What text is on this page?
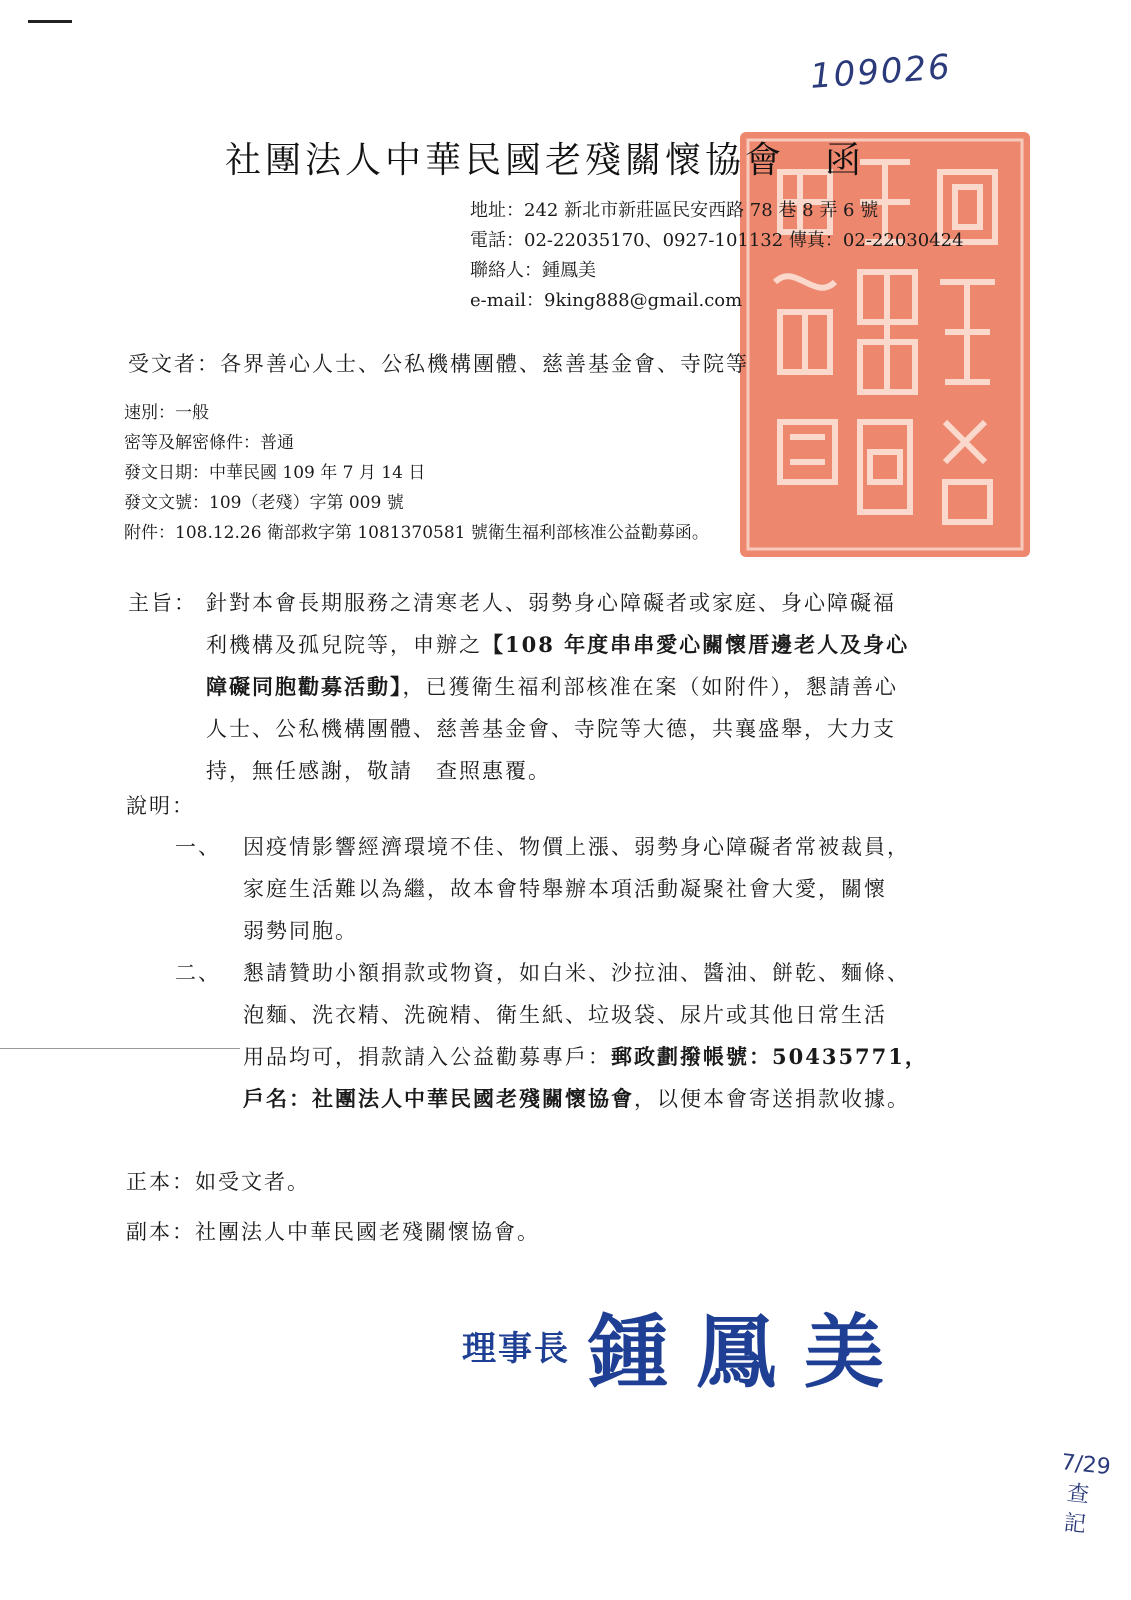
109026
社團法人中華民國老殘關懷協會 函
地址：242 新北市新莊區民安西路 78 巷 8 弄 6 號
電話：02-22035170、0927-101132 傳真：02-22030424
聯絡人：鍾鳳美
e-mail：9king888@gmail.com
受文者：各界善心人士、公私機構團體、慈善基金會、寺院等
速別：一般
密等及解密條件：普通
發文日期：中華民國 109 年 7 月 14 日
發文文號：109（老殘）字第 009 號
附件：108.12.26 衛部救字第 1081370581 號衛生福利部核准公益勸募函。
主旨： 針對本會長期服務之清寒老人、弱勢身心障礙者或家庭、身心障礙福
利機構及孤兒院等，申辦之【108 年度串串愛心關懷厝邊老人及身心
障礙同胞勸募活動】，已獲衛生福利部核准在案（如附件），懇請善心
人士、公私機構團體、慈善基金會、寺院等大德，共襄盛舉，大力支
持，無任感謝，敬請　查照惠覆。
說明：
一、	因疫情影響經濟環境不佳、物價上漲、弱勢身心障礙者常被裁員，
家庭生活難以為繼，故本會特舉辦本項活動凝聚社會大愛，關懷
弱勢同胞。
二、	懇請贊助小額捐款或物資，如白米、沙拉油、醬油、餅乾、麵條、
泡麵、洗衣精、洗碗精、衛生紙、垃圾袋、尿片或其他日常生活
用品均可，捐款請入公益勸募專戶：郵政劃撥帳號：50435771，
戶名：社團法人中華民國老殘關懷協會，以便本會寄送捐款收據。
正本：如受文者。
副本：社團法人中華民國老殘關懷協會。
理事長 鍾鳳美
7/29 查記
